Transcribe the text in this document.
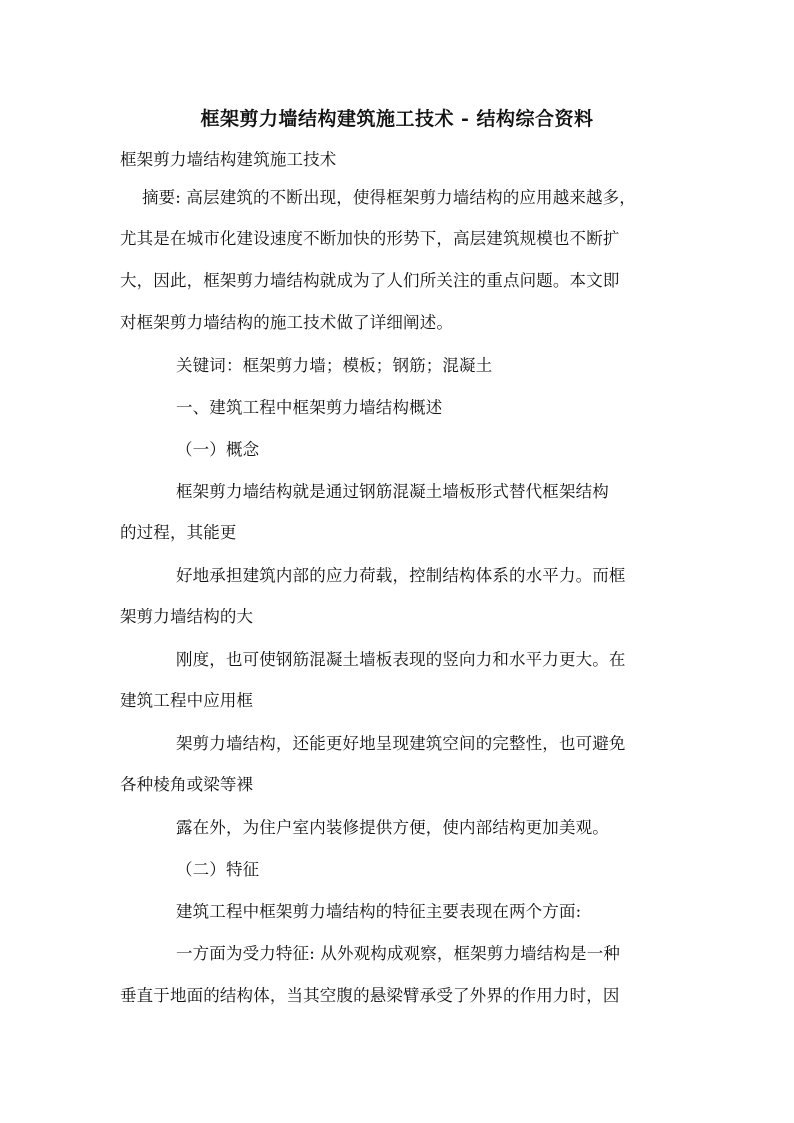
框架剪力墙结构建筑施工技术 - 结构综合资料
框架剪力墙结构建筑施工技术
摘要: 高层建筑的不断出现，使得框架剪力墙结构的应用越来越多，
尤其是在城市化建设速度不断加快的形势下，高层建筑规模也不断扩
大，因此，框架剪力墙结构就成为了人们所关注的重点问题。本文即
对框架剪力墙结构的施工技术做了详细阐述。
关键词：框架剪力墙；模板；钢筋；混凝土
一、建筑工程中框架剪力墙结构概述
（一）概念
框架剪力墙结构就是通过钢筋混凝土墙板形式替代框架结构
的过程，其能更
好地承担建筑内部的应力荷载，控制结构体系的水平力。而框
架剪力墙结构的大
刚度，也可使钢筋混凝土墙板表现的竖向力和水平力更大。在
建筑工程中应用框
架剪力墙结构，还能更好地呈现建筑空间的完整性，也可避免
各种棱角或梁等裸
露在外，为住户室内装修提供方便，使内部结构更加美观。
（二）特征
建筑工程中框架剪力墙结构的特征主要表现在两个方面:
一方面为受力特征: 从外观构成观察，框架剪力墙结构是一种
垂直于地面的结构体，当其空腹的悬梁臂承受了外界的作用力时，因
